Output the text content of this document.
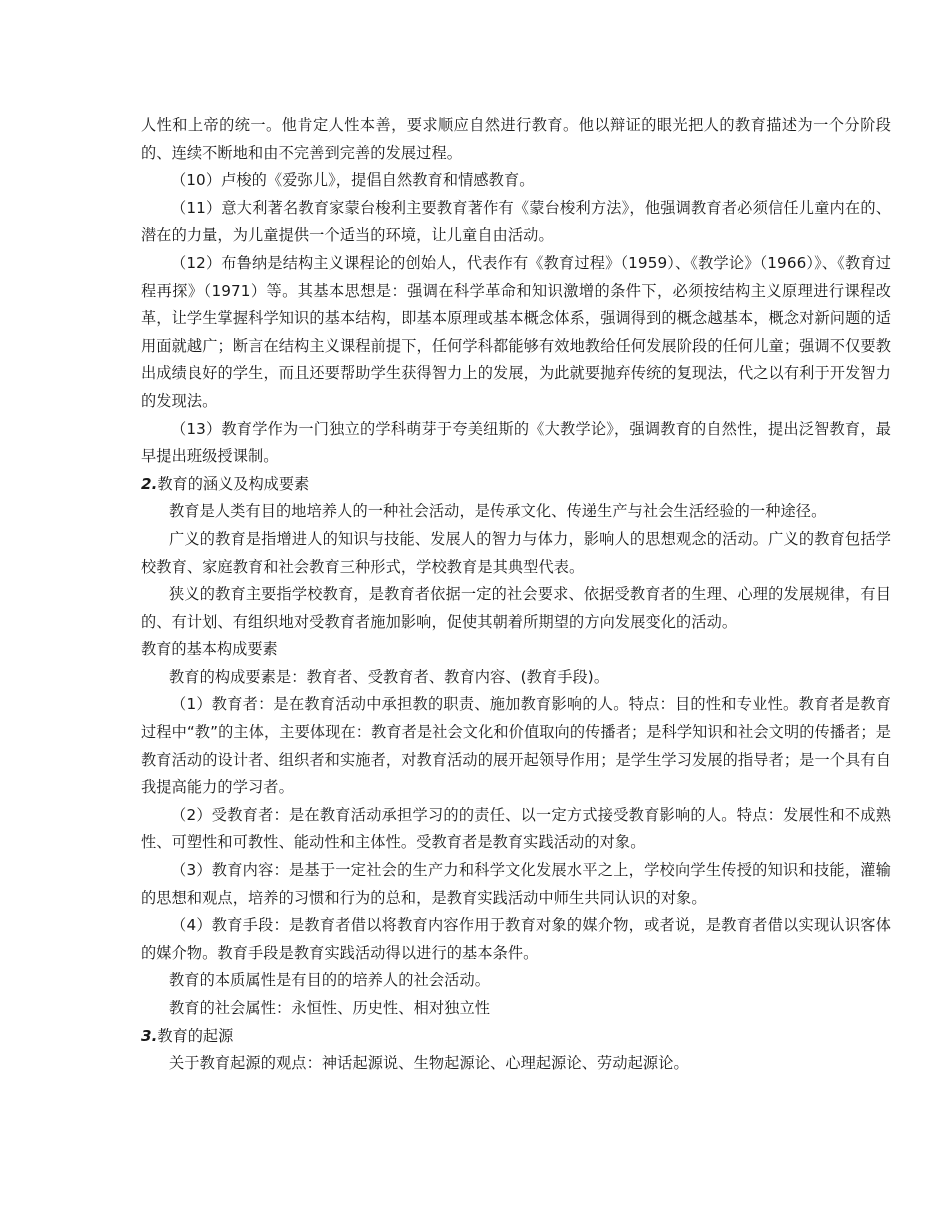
人性和上帝的统一。他肯定人性本善，要求顺应自然进行教育。他以辩证的眼光把人的教育描述为一个分阶段的、连续不断地和由不完善到完善的发展过程。

（10）卢梭的《爱弥儿》，提倡自然教育和情感教育。

（11）意大利著名教育家蒙台梭利主要教育著作有《蒙台梭利方法》，他强调教育者必须信任儿童内在的、潜在的力量，为儿童提供一个适当的环境，让儿童自由活动。

（12）布鲁纳是结构主义课程论的创始人，代表作有《教育过程》（1959）、《教学论》（1966）》、《教育过程再探》（1971）等。其基本思想是：强调在科学革命和知识激增的条件下，必须按结构主义原理进行课程改革，让学生掌握科学知识的基本结构，即基本原理或基本概念体系，强调得到的概念越基本，概念对新问题的适用面就越广；断言在结构主义课程前提下，任何学科都能够有效地教给任何发展阶段的任何儿童；强调不仅要教出成绩良好的学生，而且还要帮助学生获得智力上的发展，为此就要抛弃传统的复现法，代之以有利于开发智力的发现法。

（13）教育学作为一门独立的学科萌芽于夸美纽斯的《大教学论》，强调教育的自然性，提出泛智教育，最早提出班级授课制。

2.教育的涵义及构成要素

教育是人类有目的地培养人的一种社会活动，是传承文化、传递生产与社会生活经验的一种途径。

广义的教育是指增进人的知识与技能、发展人的智力与体力，影响人的思想观念的活动。广义的教育包括学校教育、家庭教育和社会教育三种形式，学校教育是其典型代表。

狭义的教育主要指学校教育，是教育者依据一定的社会要求、依据受教育者的生理、心理的发展规律，有目的、有计划、有组织地对受教育者施加影响，促使其朝着所期望的方向发展变化的活动。

教育的基本构成要素

教育的构成要素是：教育者、受教育者、教育内容、(教育手段)。

（1）教育者：是在教育活动中承担教的职责、施加教育影响的人。特点：目的性和专业性。教育者是教育过程中“教”的主体，主要体现在：教育者是社会文化和价值取向的传播者；是科学知识和社会文明的传播者；是教育活动的设计者、组织者和实施者，对教育活动的展开起领导作用；是学生学习发展的指导者；是一个具有自我提高能力的学习者。

（2）受教育者：是在教育活动承担学习的的责任、以一定方式接受教育影响的人。特点：发展性和不成熟性、可塑性和可教性、能动性和主体性。受教育者是教育实践活动的对象。

（3）教育内容：是基于一定社会的生产力和科学文化发展水平之上，学校向学生传授的知识和技能，灌输的思想和观点，培养的习惯和行为的总和，是教育实践活动中师生共同认识的对象。

（4）教育手段：是教育者借以将教育内容作用于教育对象的媒介物，或者说，是教育者借以实现认识客体的媒介物。教育手段是教育实践活动得以进行的基本条件。

教育的本质属性是有目的的培养人的社会活动。

教育的社会属性：永恒性、历史性、相对独立性

3.教育的起源

关于教育起源的观点：神话起源说、生物起源论、心理起源论、劳动起源论。
